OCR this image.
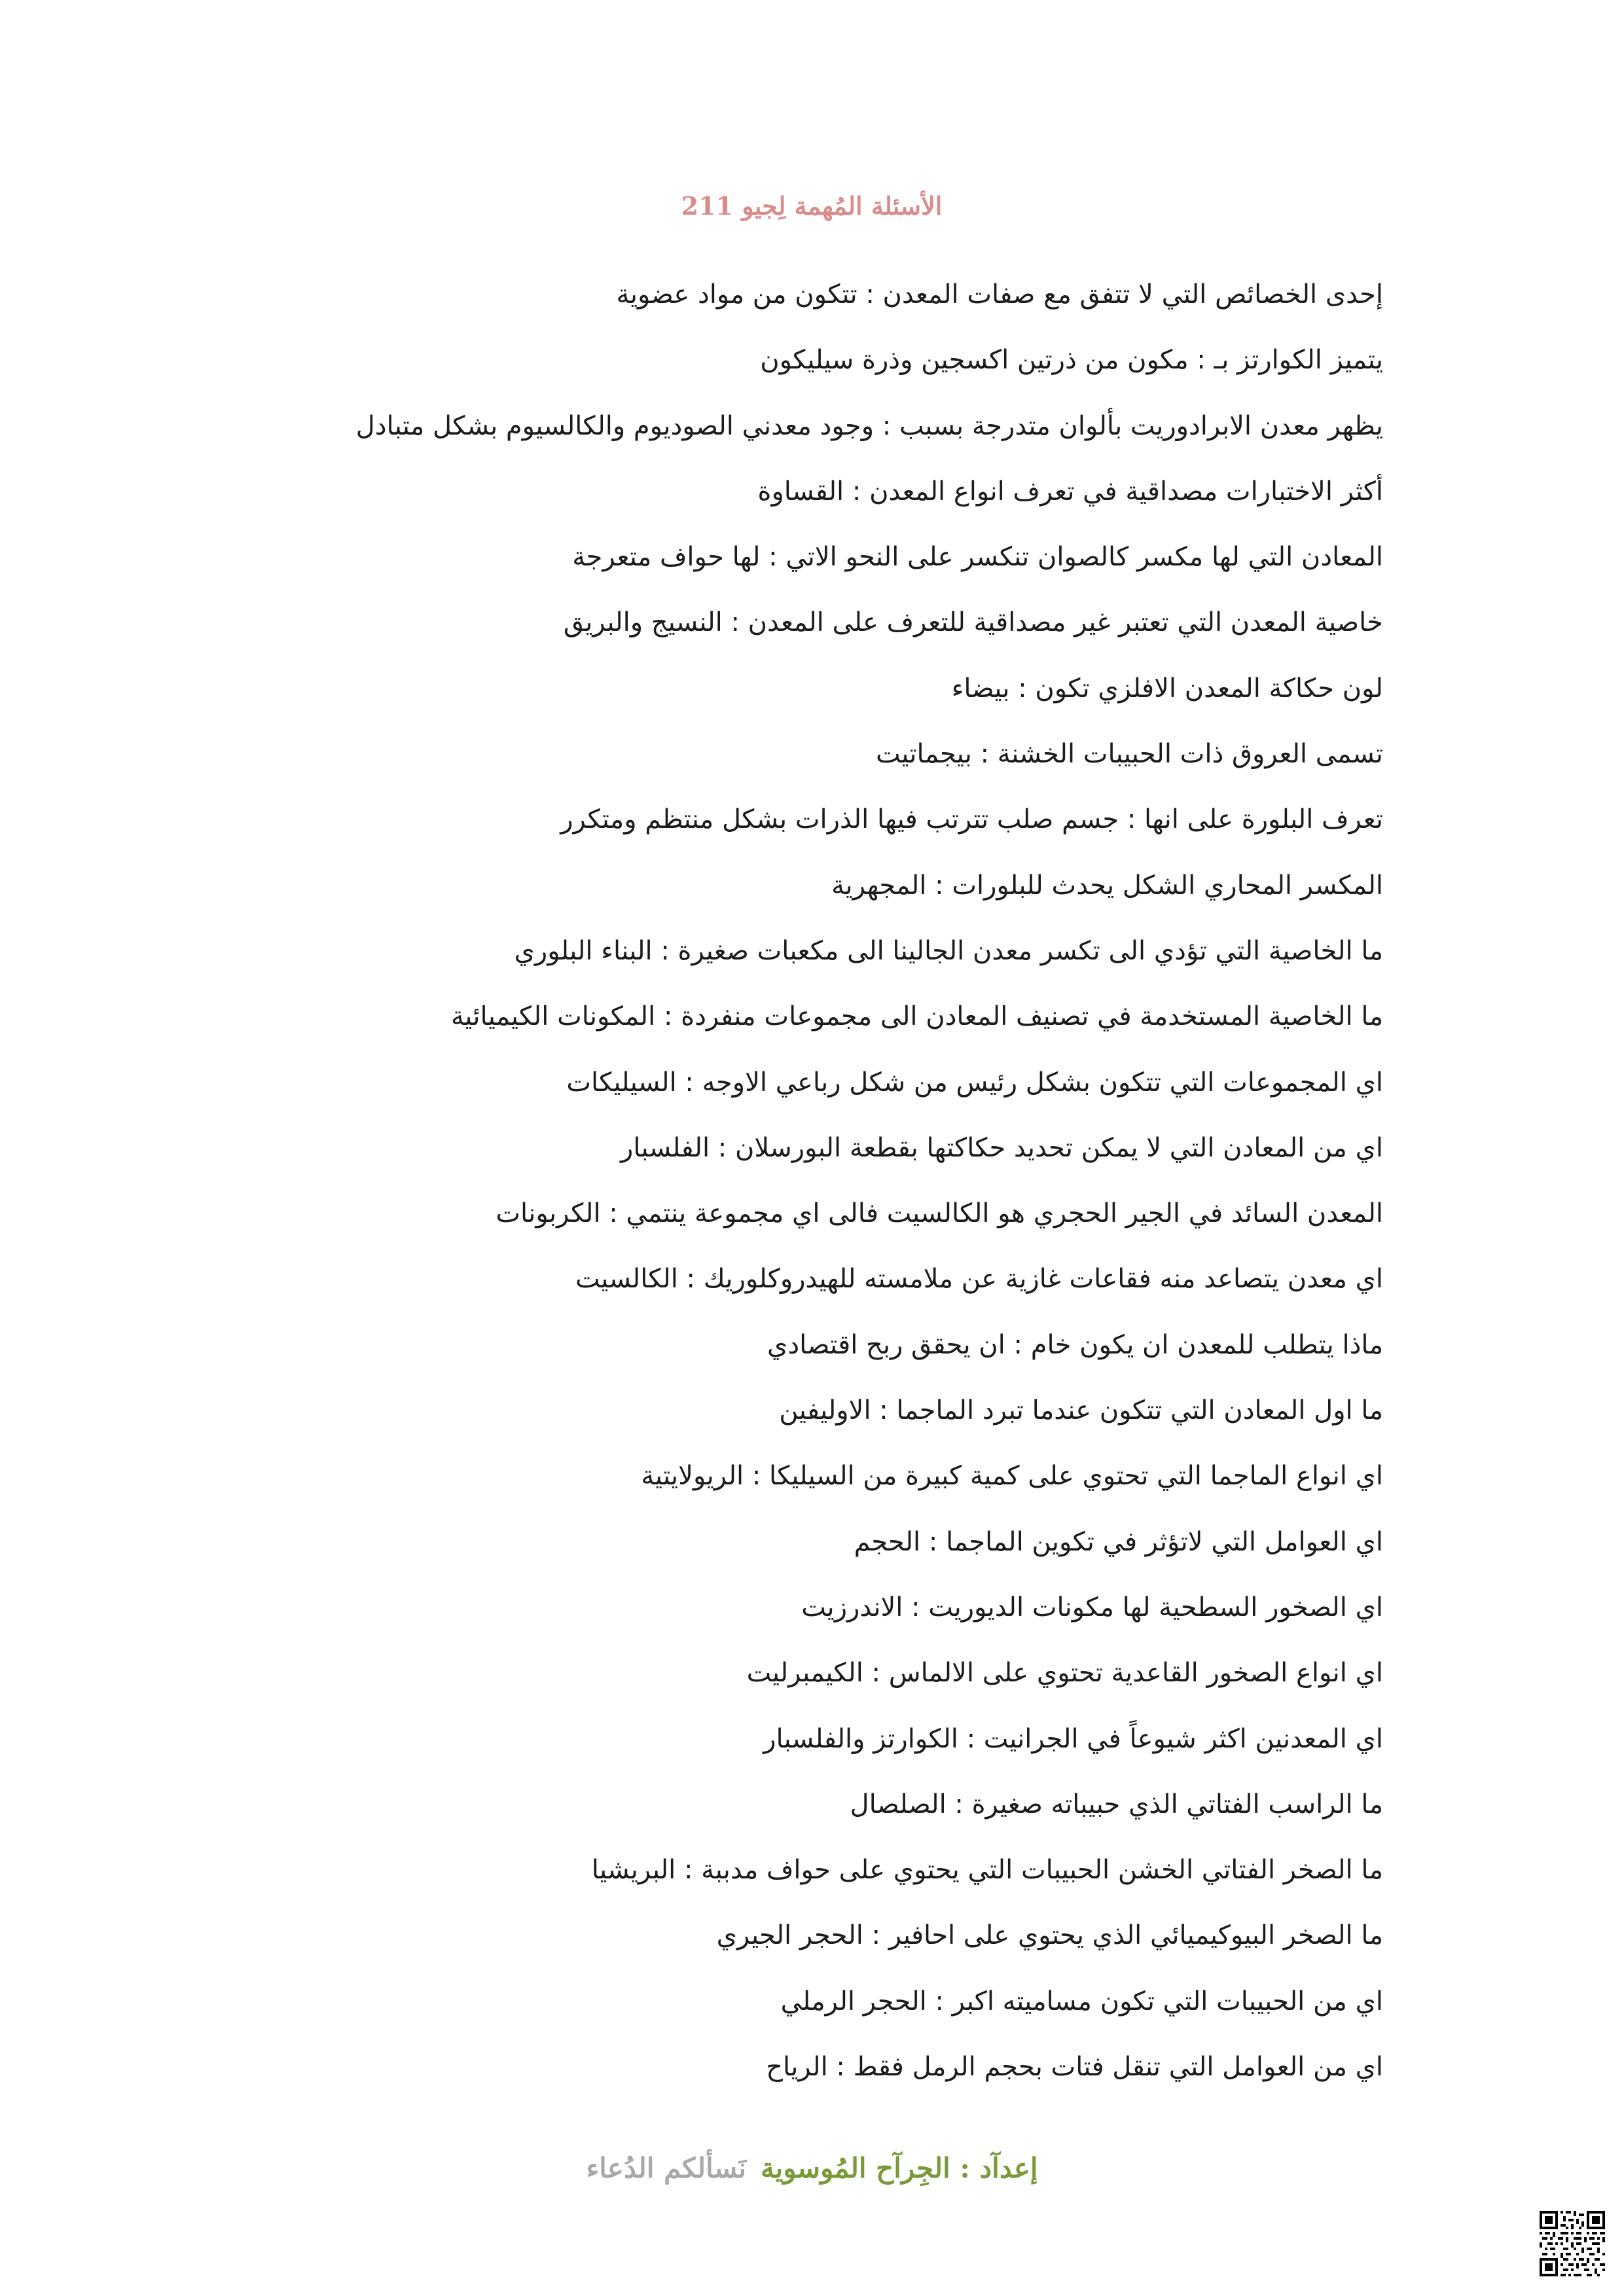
الأسئلة المُهمة لِجيو 211
إحدى الخصائص التي لا تتفق مع صفات المعدن : تتكون من مواد عضوية
يتميز الكوارتز بـ : مكون من ذرتين اكسجين وذرة سيليكون
يظهر معدن الابرادوريت بألوان متدرجة بسبب : وجود معدني الصوديوم والكالسيوم بشكل متبادل
أكثر الاختبارات مصداقية في تعرف انواع المعدن : القساوة
المعادن التي لها مكسر كالصوان تنكسر على النحو الاتي : لها حواف متعرجة
خاصية المعدن التي تعتبر غير مصداقية للتعرف على المعدن : النسيج والبريق
لون حكاكة المعدن الافلزي تكون : بيضاء
تسمى العروق ذات الحبيبات الخشنة : بيجماتيت
تعرف البلورة على انها : جسم صلب تترتب فيها الذرات بشكل منتظم ومتكرر
المكسر المحاري الشكل يحدث للبلورات : المجهرية
ما الخاصية التي تؤدي الى تكسر معدن الجالينا الى مكعبات صغيرة : البناء البلوري
ما الخاصية المستخدمة في تصنيف المعادن الى مجموعات منفردة : المكونات الكيميائية
اي المجموعات التي تتكون بشكل رئيس من شكل رباعي الاوجه : السيليكات
اي من المعادن التي لا يمكن تحديد حكاكتها بقطعة البورسلان : الفلسبار
المعدن السائد في الجير الحجري هو الكالسيت فالى اي مجموعة ينتمي : الكربونات
اي معدن يتصاعد منه فقاعات غازية عن ملامسته للهيدروكلوريك : الكالسيت
ماذا يتطلب للمعدن ان يكون خام : ان يحقق ربح اقتصادي
ما اول المعادن التي تتكون عندما تبرد الماجما : الاوليفين
اي انواع الماجما التي تحتوي على كمية كبيرة من السيليكا : الريولايتية
اي العوامل التي لاتؤثر في تكوين الماجما : الحجم
اي الصخور السطحية لها مكونات الديوريت : الاندرزيت
اي انواع الصخور القاعدية تحتوي على الالماس : الكيمبرليت
اي المعدنين اكثر شيوعاً في الجرانيت : الكوارتز والفلسبار
ما الراسب الفتاتي الذي حبيباته صغيرة : الصلصال
ما الصخر الفتاتي الخشن الحبيبات التي يحتوي على حواف مدببة : البريشيا
ما الصخر البيوكيميائي الذي يحتوي على احافير : الحجر الجيري
اي من الحبيبات التي تكون مساميته اكبر : الحجر الرملي
اي من العوامل التي تنقل فتات بحجم الرمل فقط : الرياح
إعدآد : الجِرآح المُوسويةنَسألكم الدُعاء
